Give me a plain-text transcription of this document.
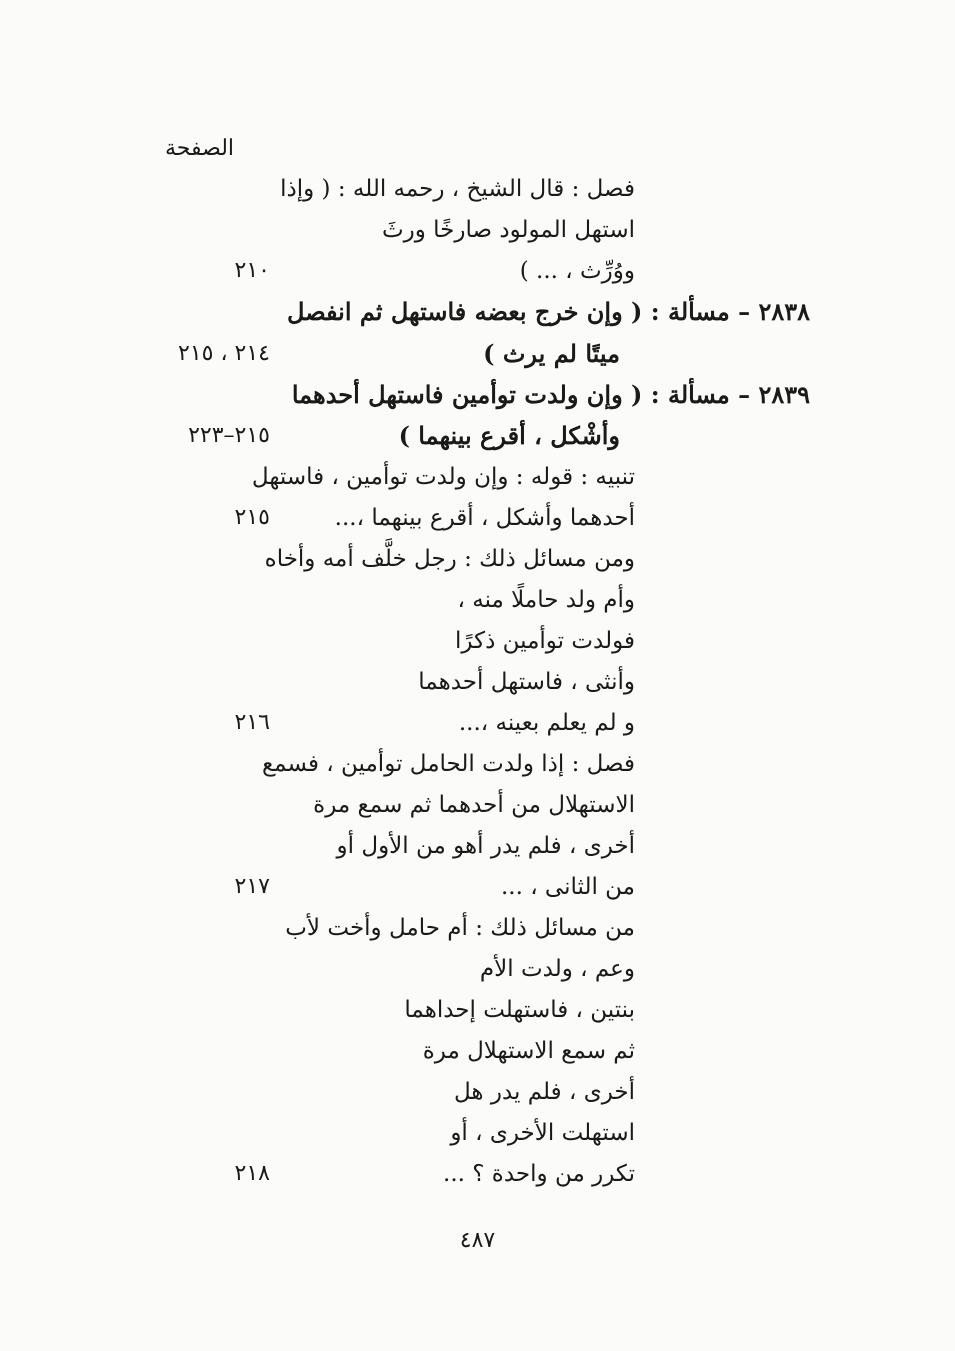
الصفحة
فصل : قال الشيخ ، رحمه الله : ( وإذا
استهل المولود صارخًا ورثَ
ووُرِّث ، ... )
٢١٠
٢٨٣٨ – مسألة : ( وإن خرج بعضه فاستهل ثم انفصل
ميتًا لم يرث )
٢١٤ ، ٢١٥
٢٨٣٩ – مسألة : ( وإن ولدت توأمين فاستهل أحدهما
وأشْكل ، أقرع بينهما )
٢١٥–٢٢٣
تنبيه : قوله : وإن ولدت توأمين ، فاستهل
أحدهما وأشكل ، أقرع بينهما ،...
٢١٥
ومن مسائل ذلك : رجل خلَّف أمه وأخاه
وأم ولد حاملًا منه ،
فولدت توأمين ذكرًا
وأنثى ، فاستهل أحدهما
و لم يعلم بعينه ،...
٢١٦
فصل : إذا ولدت الحامل توأمين ، فسمع
الاستهلال من أحدهما ثم سمع مرة
أخرى ، فلم يدر أهو من الأول أو
من الثانى ، ...
٢١٧
من مسائل ذلك : أم حامل وأخت لأب
وعم ، ولدت الأم
بنتين ، فاستهلت إحداهما
ثم سمع الاستهلال مرة
أخرى ، فلم يدر هل
استهلت الأخرى ، أو
تكرر من واحدة ؟ ...
٢١٨
٤٨٧
